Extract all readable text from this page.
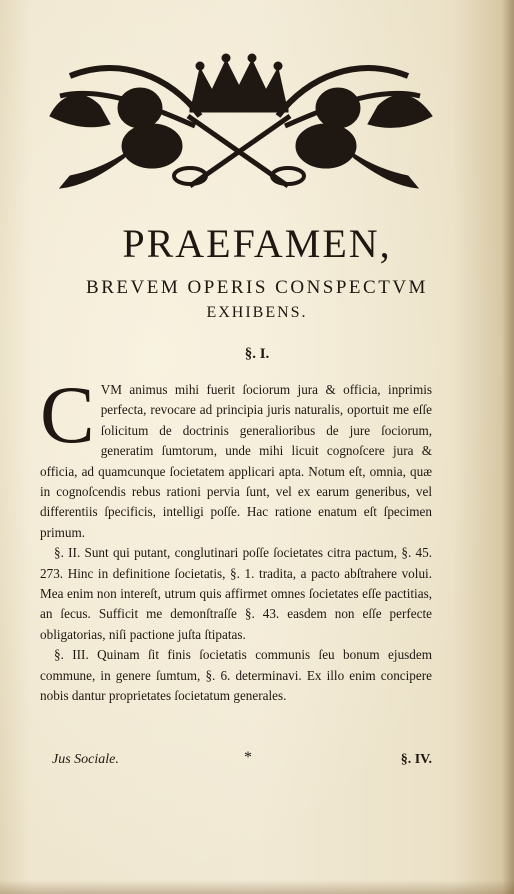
PRAEFAMEN,
BREVEM OPERIS CONSPECTVM
EXHIBENS.
§. I.

CVM animus mihi fuerit ſociorum jura & officia, inprimis perfecta, revocare ad principia juris naturalis, oportuit me eſſe ſolicitum de doctrinis generalioribus de jure ſociorum, generatim ſumtorum, unde mihi licuit cognoſcere jura & officia, ad quamcunque ſocietatem applicari apta. Notum eſt, omnia, quæ in cognoſcendis rebus rationi pervia ſunt, vel ex earum generibus, vel differentiis ſpecificis, intelligi poſſe. Hac ratione enatum eſt ſpecimen primum.

§. II. Sunt qui putant, conglutinari poſſe ſocietates citra pactum, §. 45. 273. Hinc in definitione ſocietatis, §. 1. tradita, a pacto abſtrahere volui. Mea enim non intereſt, utrum quis affirmet omnes ſocietates eſſe pactitias, an ſecus. Sufficit me demonſtraſſe §. 43. easdem non eſſe perfecte obligatorias, niſi pactione juſta ſtipatas.

§. III. Quinam ſit finis ſocietatis communis ſeu bonum ejusdem commune, in genere ſumtum, §. 6. determinavi. Ex illo enim concipere nobis dantur proprietates ſocietatum generales.

Jus Sociale.	*	§. IV.
